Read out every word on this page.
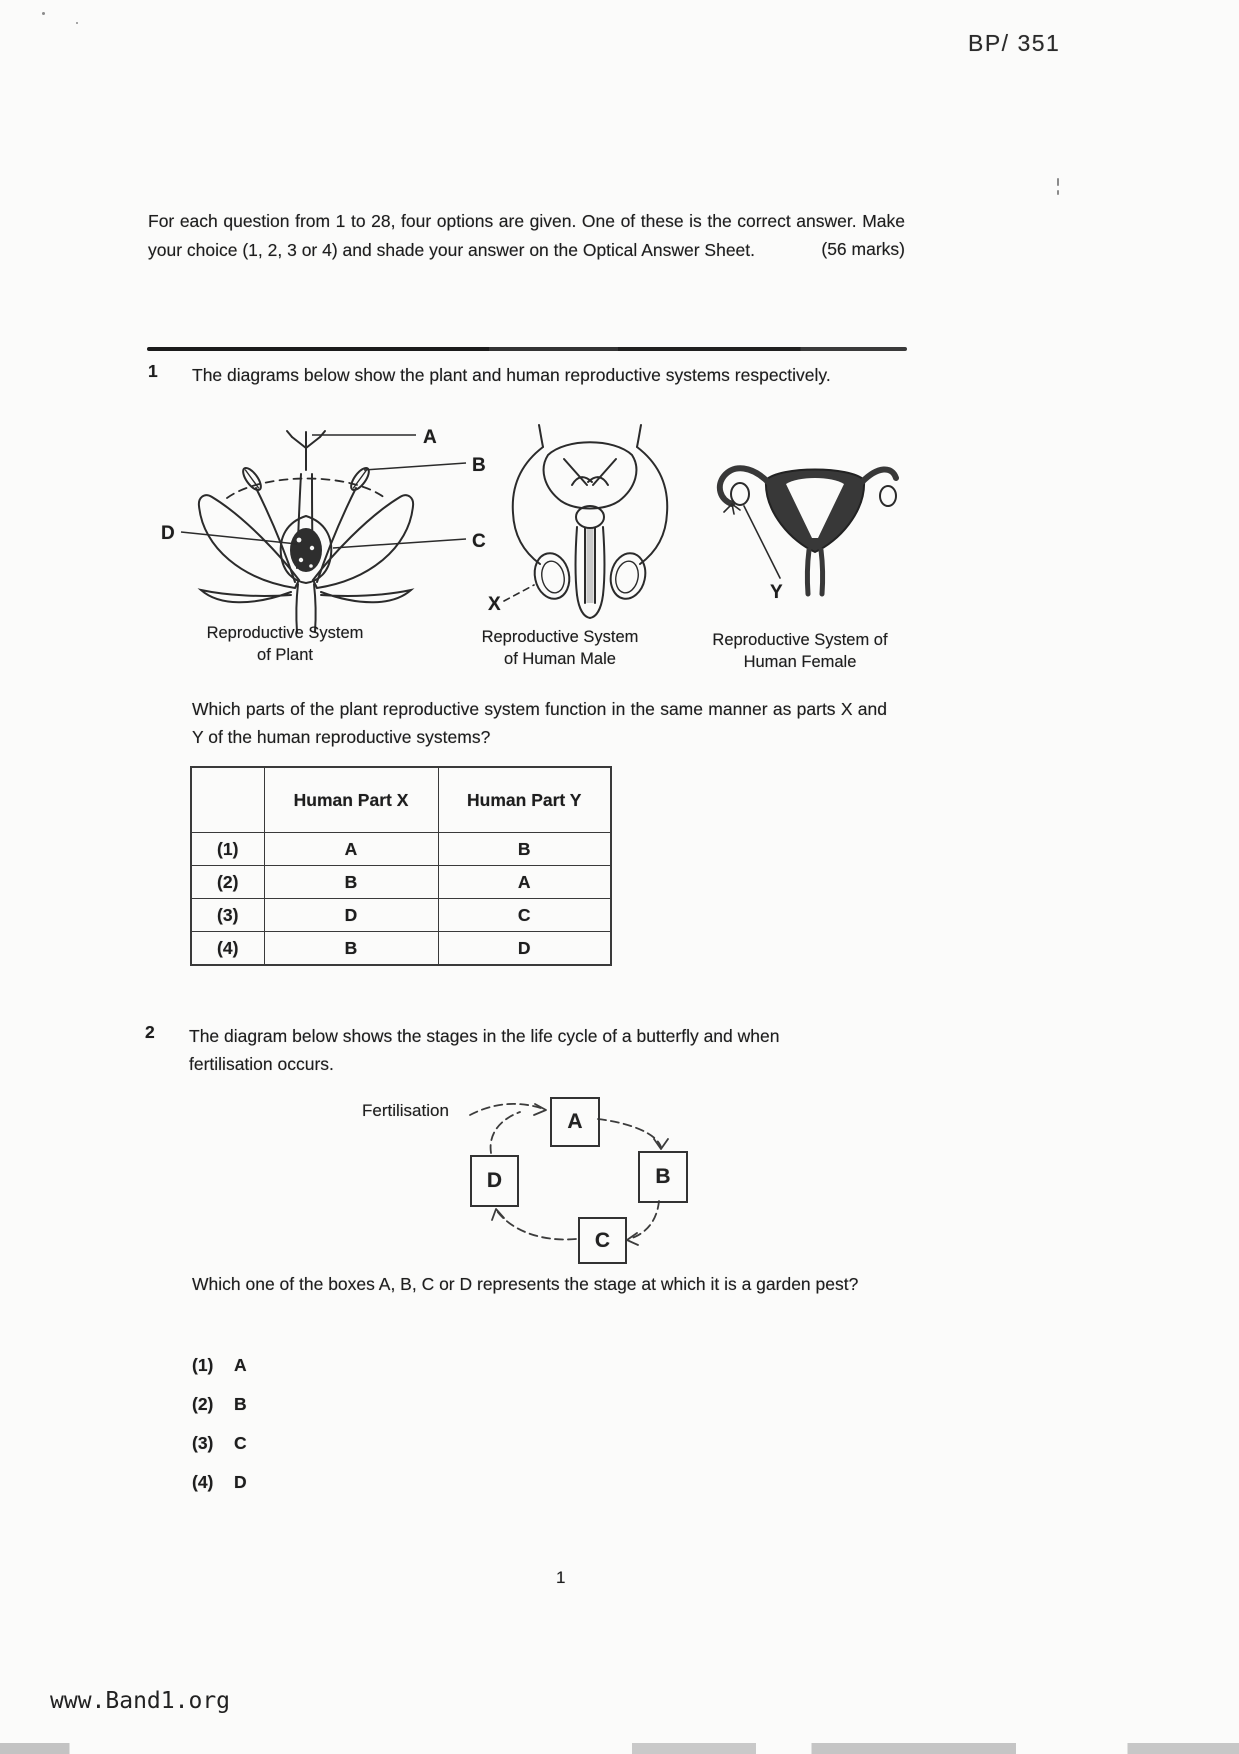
BP/ 351
For each question from 1 to 28, four options are given. One of these is the correct answer. Make your choice (1, 2, 3 or 4) and shade your answer on the Optical Answer Sheet.	(56 marks)
1	The diagrams below show the plant and human reproductive systems respectively.
A
B
C
D
X
Y
Reproductive System
of Plant
Reproductive System
of Human Male
Reproductive System of
Human Female
Which parts of the plant reproductive system function in the same manner as parts X and Y of the human reproductive systems?
	Human Part X	Human Part Y
(1)	A	B
(2)	B	A
(3)	D	C
(4)	B	D
2	The diagram below shows the stages in the life cycle of a butterfly and when fertilisation occurs.
Fertilisation	A
B
C
D
Which one of the boxes A, B, C or D represents the stage at which it is a garden pest?
(1)	A
(2)	B
(3)	C
(4)	D
1
www.Band1.org
